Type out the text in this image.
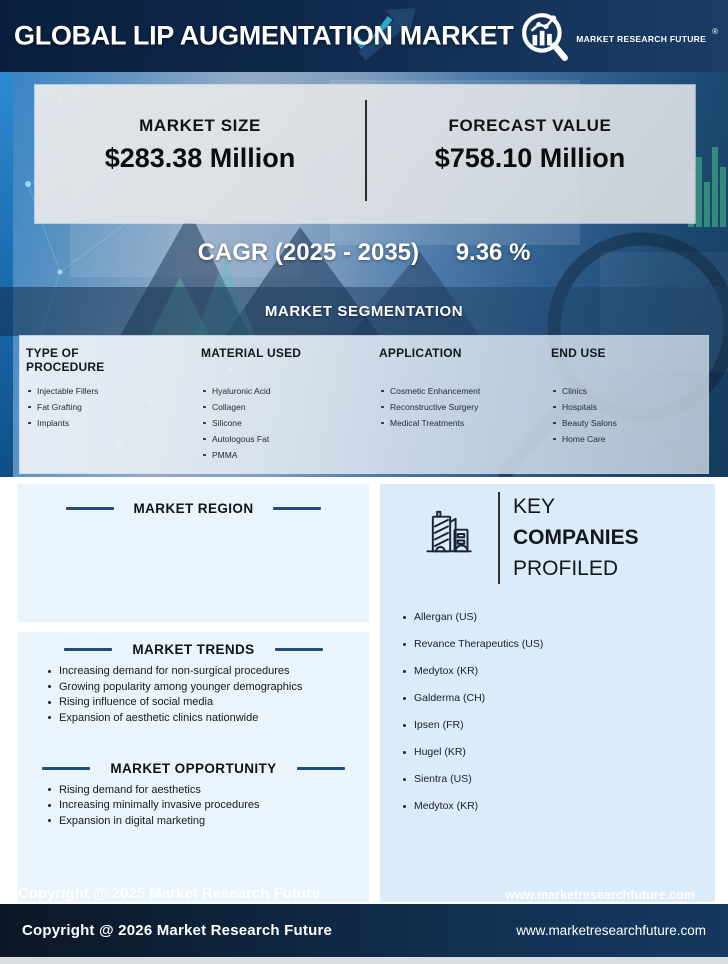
GLOBAL LIP AUGMENTATION MARKET	MARKET RESEARCH FUTURE
®
MARKET SIZE
$283.38 Million
FORECAST VALUE
$758.10 Million
CAGR (2025 - 2035) 9.36 %
MARKET SEGMENTATION
TYPE OF PROCEDURE
Injectable Fillers
Fat Grafting
Implants
MATERIAL USED
Hyaluronic Acid
Collagen
Silicone
Autologous Fat
PMMA
APPLICATION
Cosmetic Enhancement
Reconstructive Surgery
Medical Treatments
END USE
Clinics
Hospitals
Beauty Salons
Home Care
MARKET REGION
MARKET TRENDS
Increasing demand for non-surgical procedures
Growing popularity among younger demographics
Rising influence of social media
Expansion of aesthetic clinics nationwide
MARKET OPPORTUNITY
Rising demand for aesthetics
Increasing minimally invasive procedures
Expansion in digital marketing
KEY
COMPANIES
PROFILED
Allergan (US)
Revance Therapeutics (US)
Medytox (KR)
Galderma (CH)
Ipsen (FR)
Hugel (KR)
Sientra (US)
Medytox (KR)
Copyright @ 2025 Market Research Future	www.marketresearchfuture.com
Copyright @ 2026 Market Research Future	www.marketresearchfuture.com
